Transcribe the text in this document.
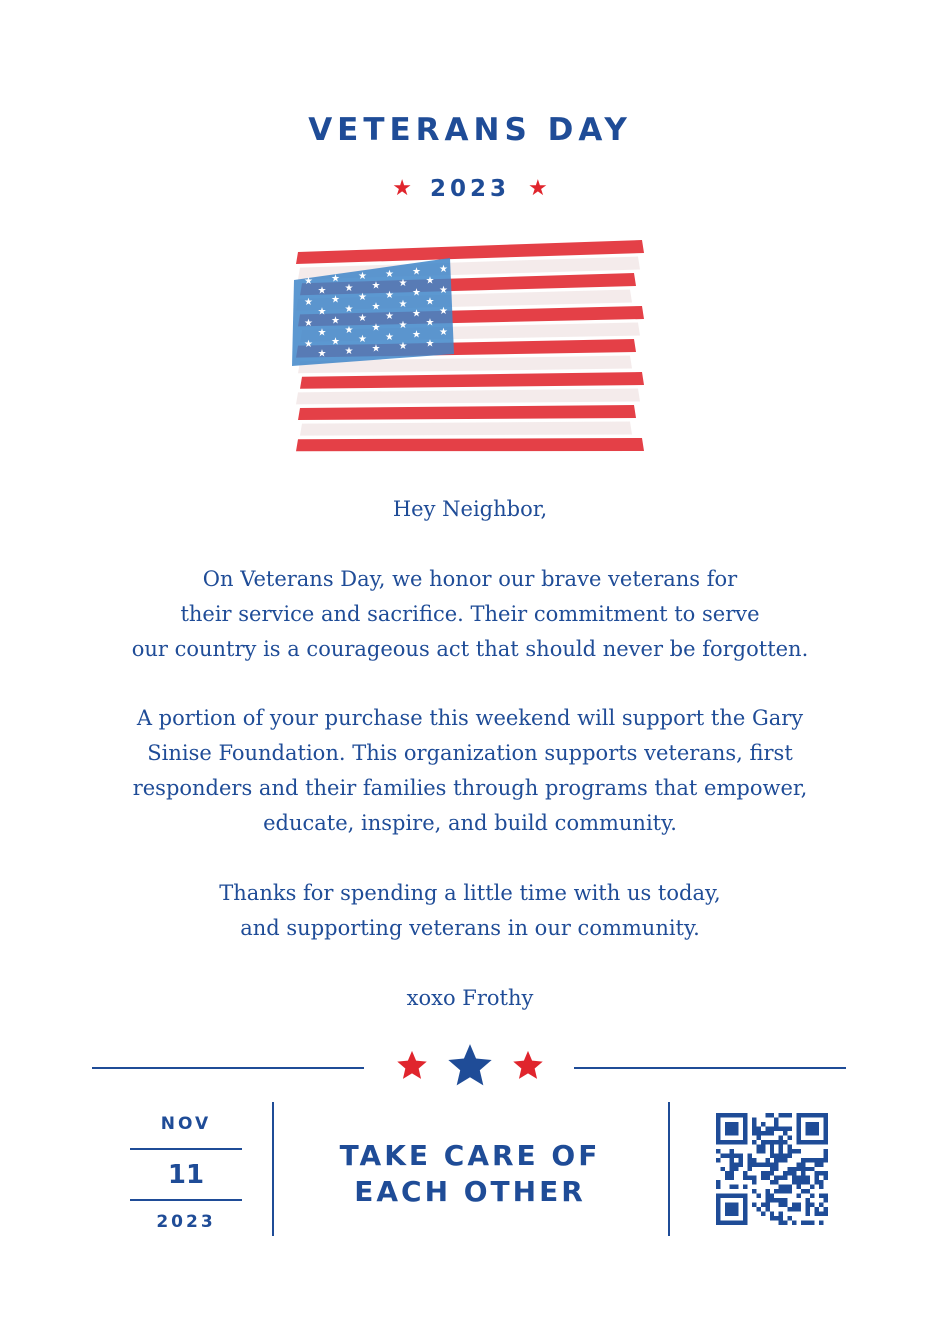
VETERANS DAY
★ 2023 ★
★ ★ ★ ★ ★ ★
★ ★ ★ ★ ★
★ ★ ★ ★ ★ ★
★ ★ ★ ★ ★
★ ★ ★ ★ ★ ★
★ ★ ★ ★ ★
★ ★ ★ ★ ★ ★
★ ★ ★ ★ ★

Hey Neighbor,

On Veterans Day, we honor our brave veterans for

their service and sacrifice. Their commitment to serve

our country is a courageous act that should never be forgotten.

A portion of your purchase this weekend will support the Gary

Sinise Foundation. This organization supports veterans, first

responders and their families through programs that empower,

educate, inspire, and build community.

Thanks for spending a little time with us today,

and supporting veterans in our community.

xoxo Frothy

NOV
11
2023
TAKE CARE OF
EACH OTHER
